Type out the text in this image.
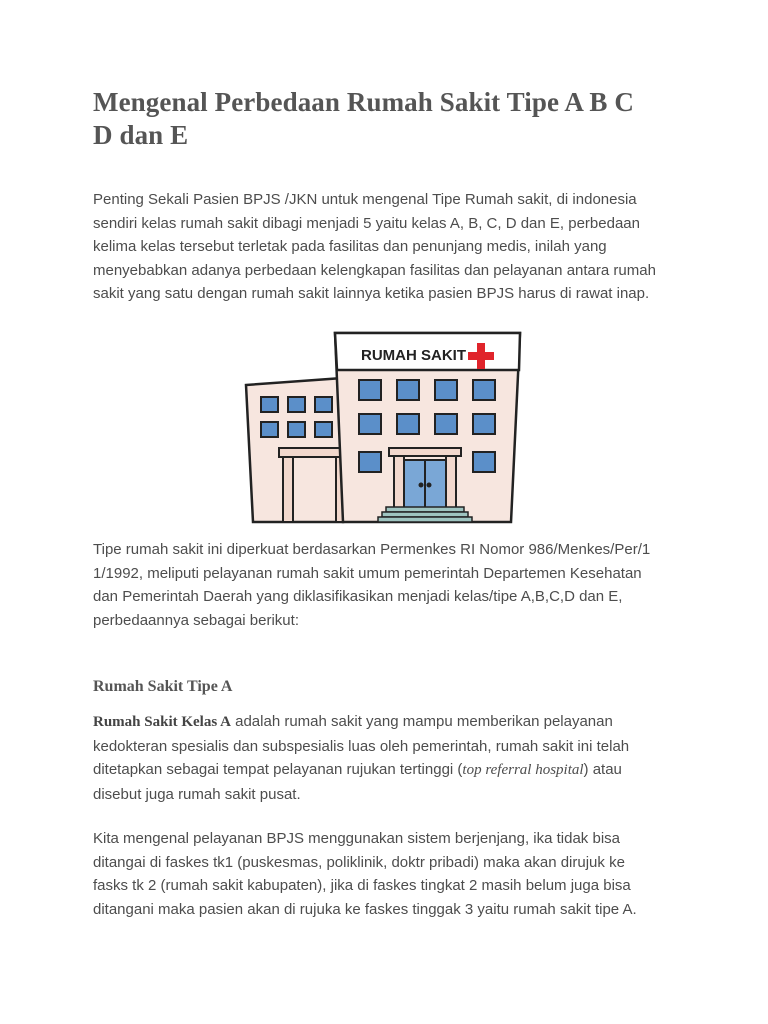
Mengenal Perbedaan Rumah Sakit Tipe A B C
D dan E

Penting Sekali Pasien BPJS /JKN untuk mengenal Tipe Rumah sakit, di indonesia
sendiri kelas rumah sakit dibagi menjadi 5 yaitu kelas A, B, C, D dan E, perbedaan
kelima kelas tersebut terletak pada fasilitas dan penunjang medis, inilah yang
menyebabkan adanya perbedaan kelengkapan fasilitas dan pelayanan antara rumah
sakit yang satu dengan rumah sakit lainnya ketika pasien BPJS harus di rawat inap.

RUMAH SAKIT

Tipe rumah sakit ini diperkuat berdasarkan Permenkes RI Nomor 986/Menkes/Per/1
1/1992, meliputi pelayanan rumah sakit umum pemerintah Departemen Kesehatan
dan Pemerintah Daerah yang diklasifikasikan menjadi kelas/tipe A,B,C,D dan E,
perbedaannya sebagai berikut:

Rumah Sakit Tipe A

Rumah Sakit Kelas A adalah rumah sakit yang mampu memberikan pelayanan
kedokteran spesialis dan subspesialis luas oleh pemerintah, rumah sakit ini telah
ditetapkan sebagai tempat pelayanan rujukan tertinggi (top referral hospital) atau
disebut juga rumah sakit pusat.

Kita mengenal pelayanan BPJS menggunakan sistem berjenjang, ika tidak bisa
ditangai di faskes tk1 (puskesmas, poliklinik, doktr pribadi) maka akan dirujuk ke
fasks tk 2 (rumah sakit kabupaten), jika di faskes tingkat 2 masih belum juga bisa
ditangani maka pasien akan di rujuka ke faskes tinggak 3 yaitu rumah sakit tipe A.
